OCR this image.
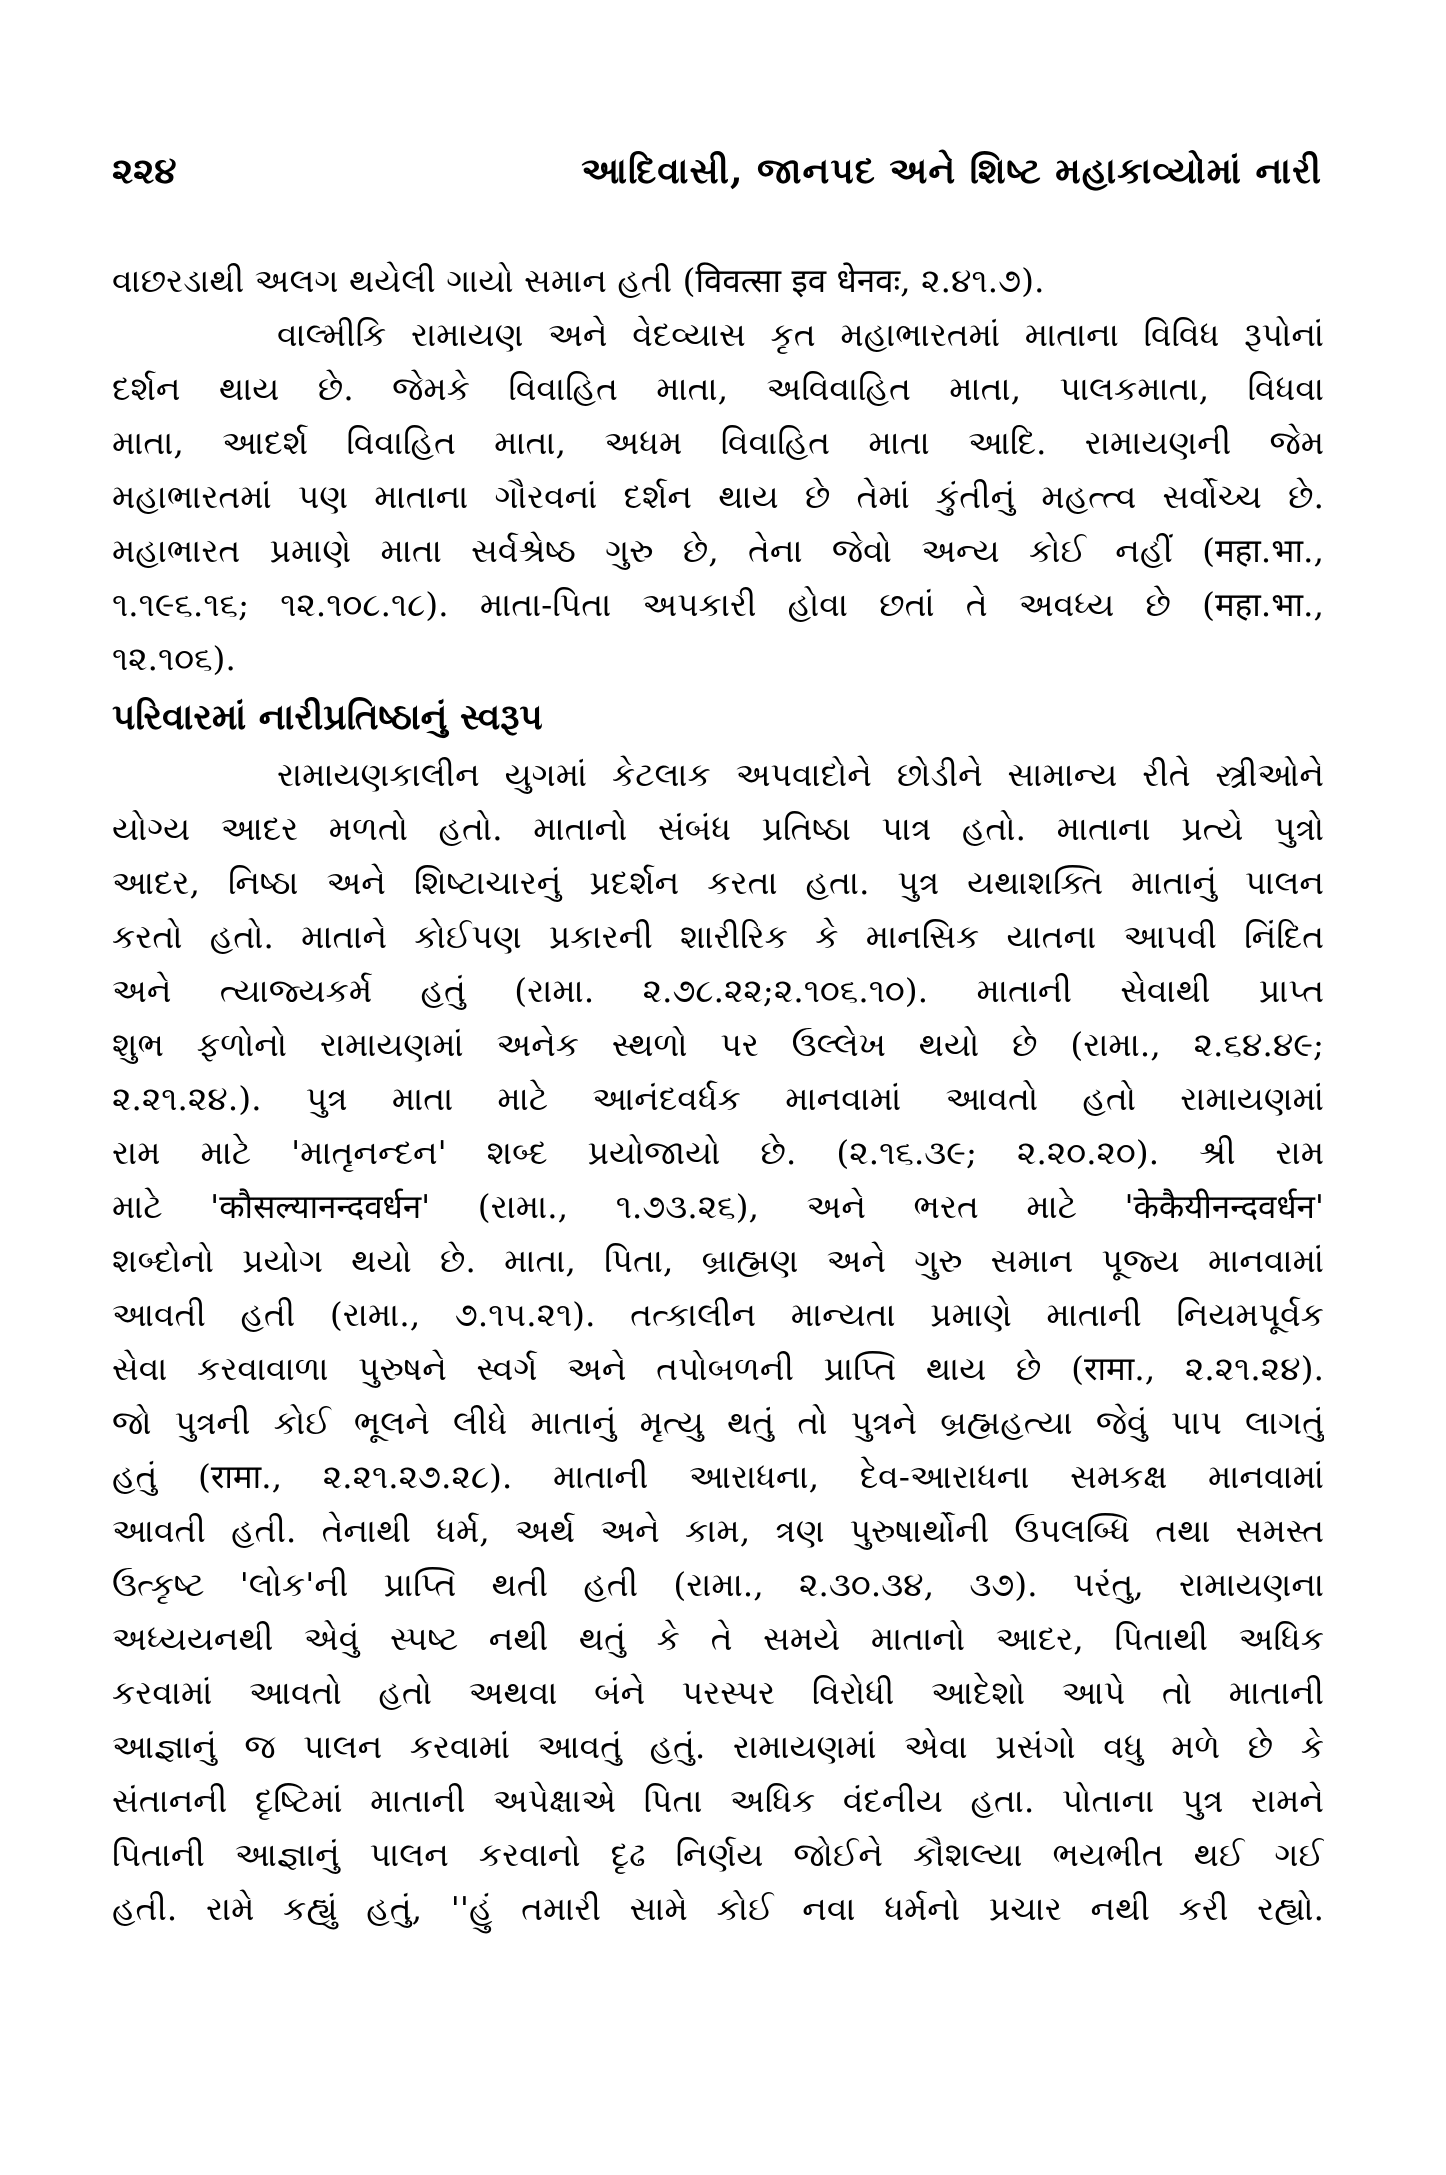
૨૨૪	આદિવાસી, જાનપદ અને શિષ્ટ મહાકાવ્યોમાં નારી
વાછરડાથી અલગ થયેલી ગાયો સમાન હતી (विवत्सा इव धेनवः, ૨.૪૧.૭).
વાલ્મીકિ રામાયણ અને વેદવ્યાસ કૃત મહાભારતમાં માતાના વિવિધ રૂપોનાં
દર્શન થાય છે. જેમકે વિવાહિત માતા, અવિવાહિત માતા, પાલકમાતા, વિધવા
માતા, આદર્શ વિવાહિત માતા, અધમ વિવાહિત માતા આદિ. રામાયણની જેમ
મહાભારતમાં પણ માતાના ગૌરવનાં દર્શન થાય છે તેમાં કુંતીનું મહત્ત્વ સર્વોચ્ચ છે.
મહાભારત પ્રમાણે માતા સર્વશ્રેષ્ઠ ગુરુ છે, તેના જેવો અન્ય કોઈ નહીં (महा.भा.,
૧.૧૯૬.૧૬; ૧૨.૧૦૮.૧૮). માતા-પિતા અપકારી હોવા છતાં તે અવધ્ય છે (महा.भा.,
૧૨.૧૦૬).
પરિવારમાં નારીપ્રતિષ્ઠાનું સ્વરૂપ
રામાયણકાલીન યુગમાં કેટલાક અપવાદોને છોડીને સામાન્ય રીતે સ્ત્રીઓને
યોગ્ય આદર મળતો હતો. માતાનો સંબંધ પ્રતિષ્ઠા પાત્ર હતો. માતાના પ્રત્યે પુત્રો
આદર, નિષ્ઠા અને શિષ્ટાચારનું પ્રદર્શન કરતા હતા. પુત્ર યથાશક્તિ માતાનું પાલન
કરતો હતો. માતાને કોઈપણ પ્રકારની શારીરિક કે માનસિક યાતના આપવી નિંદિત
અને ત્યાજ્યકર્મ હતું (રામા. ૨.૭૮.૨૨;૨.૧૦૬.૧૦). માતાની સેવાથી પ્રાપ્ત
શુભ ફળોનો રામાયણમાં અનેક સ્થળો પર ઉલ્લેખ થયો છે (રામા., ૨.૬૪.૪૯;
૨.૨૧.૨૪.). પુત્ર માતા માટે આનંદવર્ધક માનવામાં આવતો હતો રામાયણમાં
રામ માટે 'માતૃનન્દન' શબ્દ પ્રયોજાયો છે. (૨.૧૬.૩૯; ૨.૨૦.૨૦). શ્રી રામ
માટે 'कौसल्यानन्दवर्धन' (રામા., ૧.૭૩.૨૬), અને ભરત માટે 'केकैयीनन्दवर्धन'
શબ્દોનો પ્રયોગ થયો છે. માતા, પિતા, બ્રાહ્મણ અને ગુરુ સમાન પૂજ્ય માનવામાં
આવતી હતી (રામા., ૭.૧૫.૨૧). તત્કાલીન માન્યતા પ્રમાણે માતાની નિયમપૂર્વક
સેવા કરવાવાળા પુરુષને સ્વર્ગ અને તપોબળની પ્રાપ્તિ થાય છે (रामा., ૨.૨૧.૨૪).
જો પુત્રની કોઈ ભૂલને લીધે માતાનું મૃત્યુ થતું તો પુત્રને બ્રહ્મહત્યા જેવું પાપ લાગતું
હતું (रामा., ૨.૨૧.૨૭.૨૮). માતાની આરાધના, દેવ-આરાધના સમકક્ષ માનવામાં
આવતી હતી. તેનાથી ધર્મ, અર્થ અને કામ, ત્રણ પુરુષાર્થોની ઉપલબ્ધિ તથા સમસ્ત
ઉત્કૃષ્ટ 'લોક'ની પ્રાપ્તિ થતી હતી (રામા., ૨.૩૦.૩૪, ૩૭). પરંતુ, રામાયણના
અધ્યયનથી એવું સ્પષ્ટ નથી થતું કે તે સમયે માતાનો આદર, પિતાથી અધિક
કરવામાં આવતો હતો અથવા બંને પરસ્પર વિરોધી આદેશો આપે તો માતાની
આજ્ઞાનું જ પાલન કરવામાં આવતું હતું. રામાયણમાં એવા પ્રસંગો વધુ મળે છે કે
સંતાનની દૃષ્ટિમાં માતાની અપેક્ષાએ પિતા અધિક વંદનીય હતા. પોતાના પુત્ર રામને
પિતાની આજ્ઞાનું પાલન કરવાનો દૃઢ નિર્ણય જોઈને કૌશલ્યા ભયભીત થઈ ગઈ
હતી. રામે કહ્યું હતું, ''હું તમારી સામે કોઈ નવા ધર્મનો પ્રચાર નથી કરી રહ્યો.
